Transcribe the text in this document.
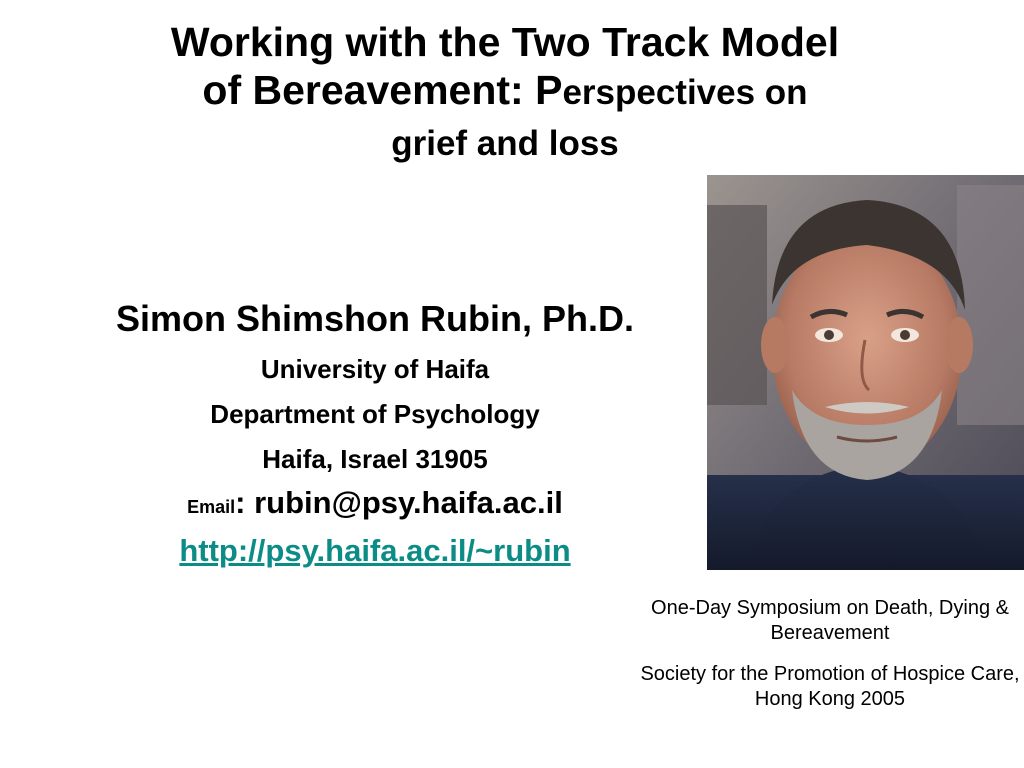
Working with the Two Track Model
of Bereavement: Perspectives on
grief and loss
Simon Shimshon Rubin, Ph.D.
University of Haifa
Department of Psychology
Haifa, Israel 31905
Email: rubin@psy.haifa.ac.il
http://psy.haifa.ac.il/~rubin
One-Day Symposium on Death, Dying & Bereavement
Society for the Promotion of Hospice Care, Hong Kong 2005
